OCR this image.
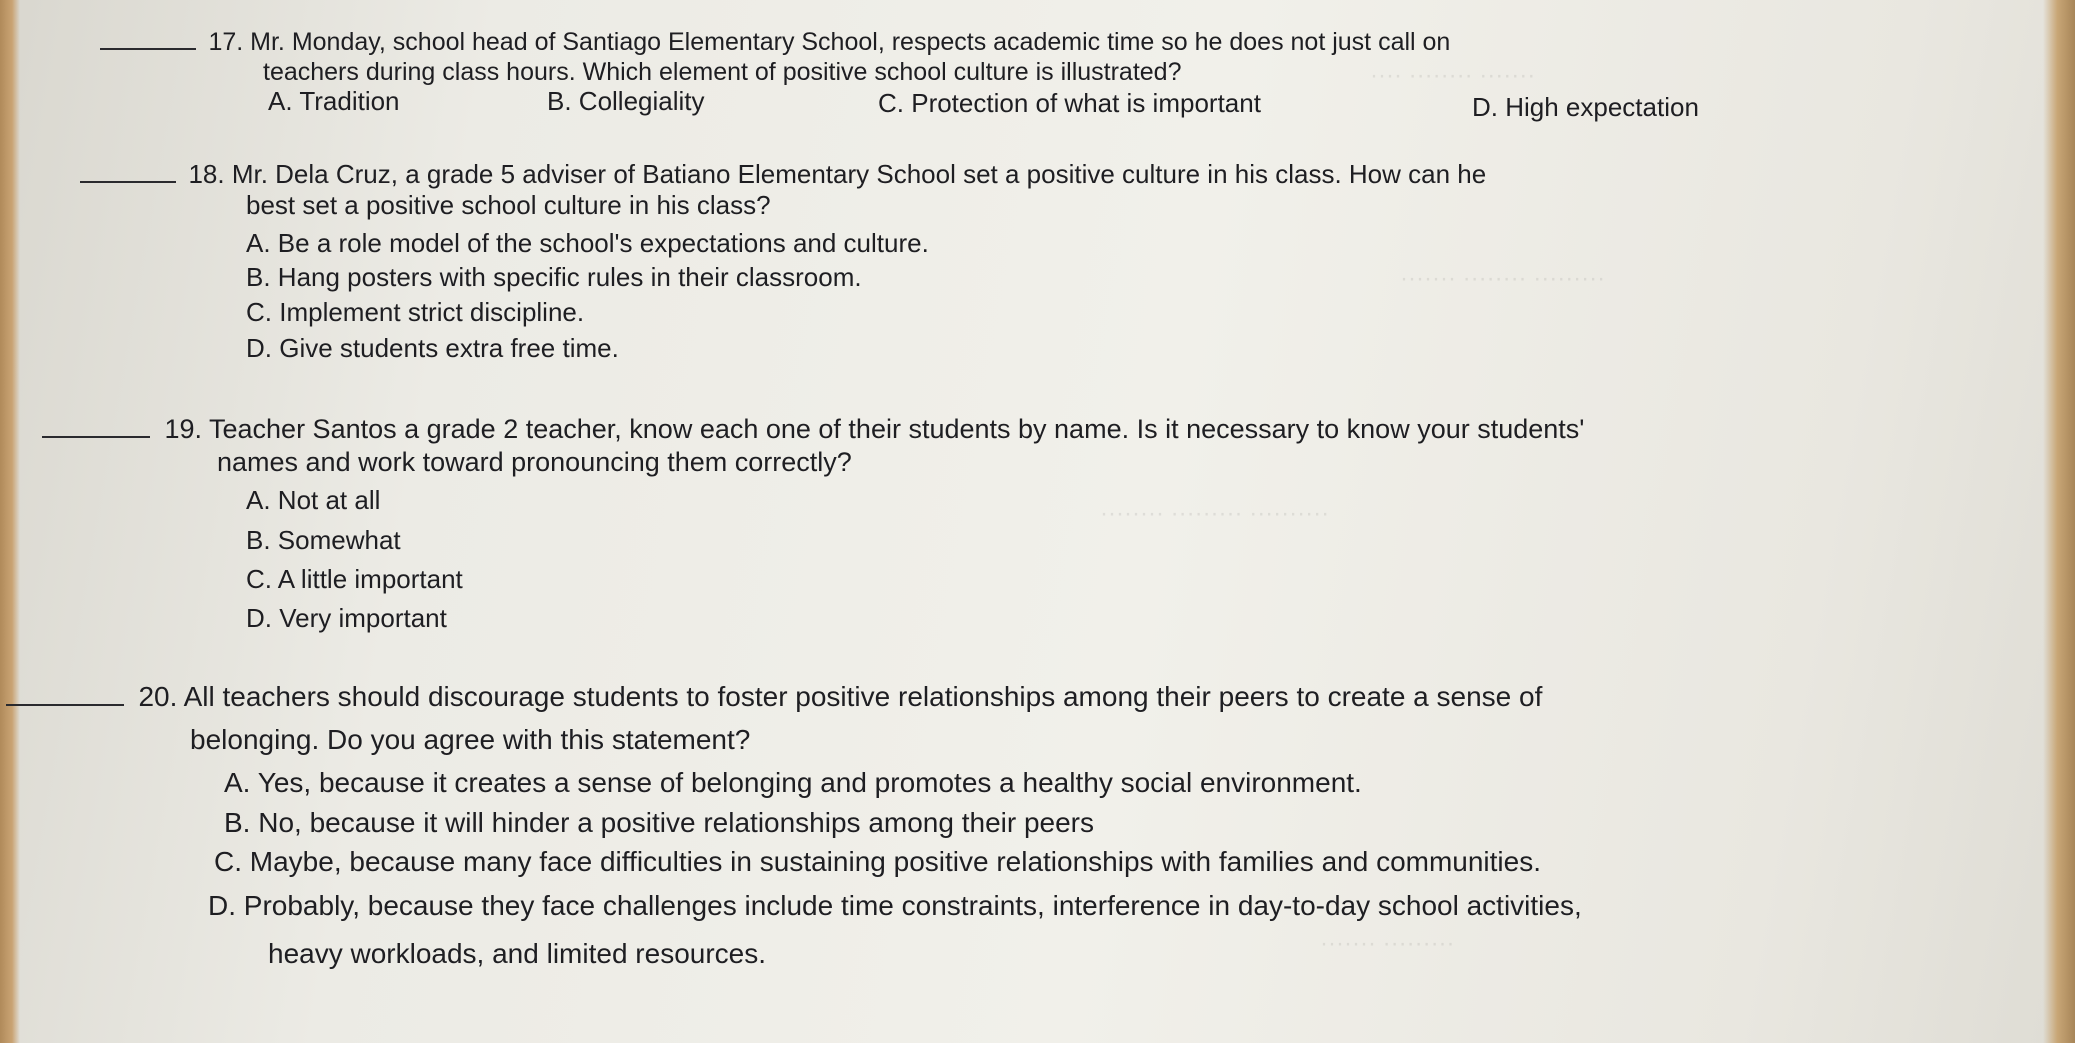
······· ········ ····
········· ········ ·······
·········· ········· ········
········· ·······
17. Mr. Monday, school head of Santiago Elementary School, respects academic time so he does not just call on
teachers during class hours. Which element of positive school culture is illustrated?
A. Tradition	B. Collegiality	C. Protection of what is important	D. High expectation
18. Mr. Dela Cruz, a grade 5 adviser of Batiano Elementary School set a positive culture in his class. How can he
best set a positive school culture in his class?
A. Be a role model of the school's expectations and culture.
B. Hang posters with specific rules in their classroom.
C. Implement strict discipline.
D. Give students extra free time.
19. Teacher Santos a grade 2 teacher, know each one of their students by name. Is it necessary to know your students'
names and work toward pronouncing them correctly?
A. Not at all
B. Somewhat
C. A little important
D. Very important
20. All teachers should discourage students to foster positive relationships among their peers to create a sense of
belonging. Do you agree with this statement?
A. Yes, because it creates a sense of belonging and promotes a healthy social environment.
B. No, because it will hinder a positive relationships among their peers
C. Maybe, because many face difficulties in sustaining positive relationships with families and communities.
D. Probably, because they face challenges include time constraints, interference in day-to-day school activities,
heavy workloads, and limited resources.
